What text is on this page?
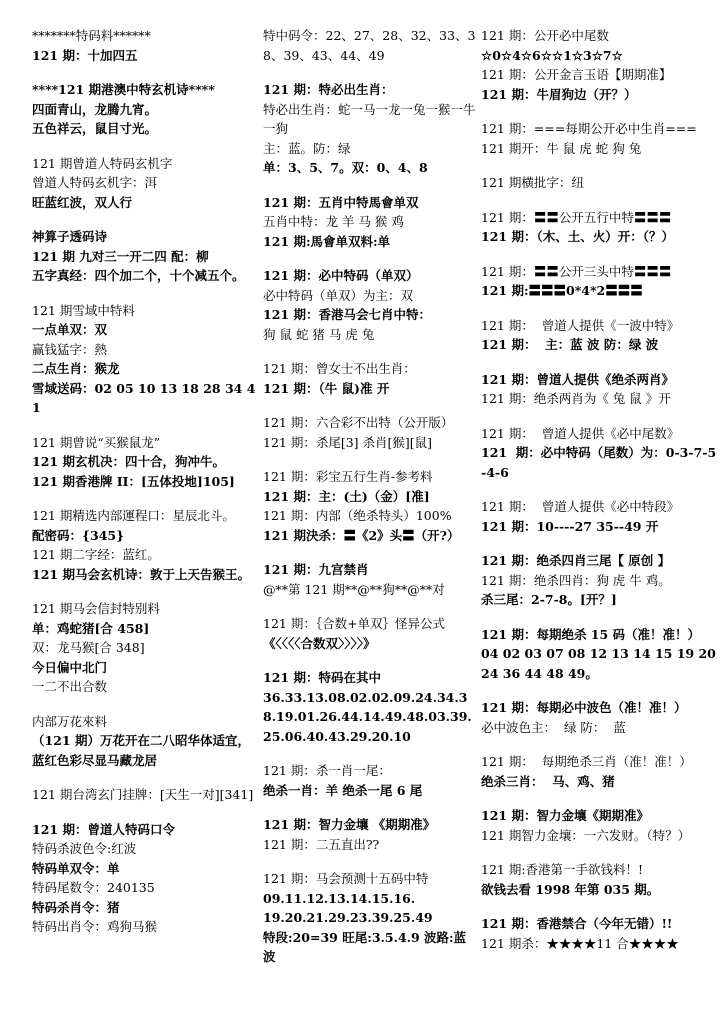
*******特码料******
121 期：十加四五
****121 期港澳中特玄机诗****
四面青山，龙腾九宵。
五色祥云，鼠目寸光。
121 期曾道人特码玄机字
曾道人特码玄机字：洱
旺蓝红波，双人行
神算子透码诗
121 期 九对三一开二四 配：柳
五字真经：四个加二个，十个减五个。
121 期雪域中特料
一点单双：双
赢钱猛字：熱
二点生肖：猴龙
雪域送码：02 05 10 13 18 28 34 41
121 期曾说“买猴鼠龙”
121 期玄机决：四十合，狗冲牛。
121 期香港牌 II：[五体投地]105]
121 期精选内部運程口：星辰北斗。
配密码：{345}
121 期二字经：蓝红。
121 期马会玄机诗：敦于上天告猴王。
121 期马会信封特别料
单：鸡蛇猪[合 458]
双：龙马猴[合 348]
今日偏中北门
一二不出合数
内部万花來料
（121 期）万花开在二八昭华体适宜，蓝红色彩尽显马藏龙居
121 期台湾玄门挂牌：[天生一对][341]
121 期：曾道人特码口令
特码杀波色令:红波
特码单双令：单
特码尾数令：240135
特码杀肖令：猪
特码出肖令：鸡狗马猴
特中码令：22、27、28、32、33、38、39、43、44、49
121 期：特必出生肖：
特必出生肖：蛇一马一龙一兔一猴一牛一狗
主：蓝。防：绿
单：3、5、7。双：0、4、8
121 期：五肖中特馬會单双
五肖中特：龙 羊 马 猴 鸡
121 期:馬會单双料:单
121 期：必中特码（单双）
必中特码（单双）为主：双
121 期：香港马会七肖中特：
狗 鼠 蛇 猪 马 虎 兔
121 期：曾女士不出生肖：
121 期：（牛 鼠)准 开
121 期：六合彩不出特（公开版）
121 期：杀尾[3] 杀肖[猴][鼠]
121 期：彩宝五行生肖-参考料
121 期：主：(土)（金）[准]
121 期：内部（绝杀特头）100%
121 期決杀：〓《2》头〓（开?）
121 期：九宫禁肖
@**第 121 期**@**狗**@**对
121 期：｛合数+单双｝怪异公式
《〈〈〈〈合数双〉〉〉〉》
121 期：特码在其中
36.33.13.08.02.02.09.24.34.38.19.01.26.44.14.49.48.03.39.25.06.40.43.29.20.10
121 期：杀一肖一尾：
绝杀一肖：羊 绝杀一尾 6 尾
121 期：智力金壤 《期期准》
121 期：二五直出??
121 期：马会预测十五码中特
09.11.12.13.14.15.16.
19.20.21.29.23.39.25.49
特段:20=39 旺尾:3.5.4.9 波路:蓝波
121 期：公开必中尾数
☆0☆4☆6☆☆1☆3☆7☆
121 期：公开金言玉语【期期准】
121 期：牛眉狗边（开？）
121 期：===每期公开必中生肖===
121 期开：牛 鼠 虎 蛇 狗 兔
121 期横批字：纽
121 期：〓〓公开五行中特〓〓〓
121 期：（木、土、火）开：（？）
121 期：〓〓公开三头中特〓〓〓
121 期:〓〓〓0*4*2〓〓〓
121 期：  曾道人提供《一波中特》
121 期：  主：蓝 波 防：绿 波
121 期：曾道人提供《绝杀两肖》
121 期：绝杀两肖为《 兔 鼠 》开
121 期：  曾道人提供《必中尾数》
121  期：必中特码（尾数）为：0-3-7-5-4-6
121 期：  曾道人提供《必中特段》
121 期：10----27 35--49 开
121 期：绝杀四肖三尾【 原创 】
121 期：绝杀四肖：狗 虎 牛 鸡。
杀三尾：2-7-8。[开？]
121 期：每期绝杀 15 码（准！准！）
04 02 03 07 08 12 13 14 15 19 20 24 36 44 48 49。
121 期：每期必中波色（准！准！）
必中波色主：  绿 防：  蓝
121 期：  每期绝杀三肖（准！准！）
绝杀三肖：  马、鸡、猪
121 期：智力金壤《期期准》
121 期智力金壤：一六发财。（特？）
121 期:香港第一手欲钱料！!
欲钱去看 1998 年第 035 期。
121 期：香港禁合（今年无错）!!
121 期杀：★★★★11 合★★★★
